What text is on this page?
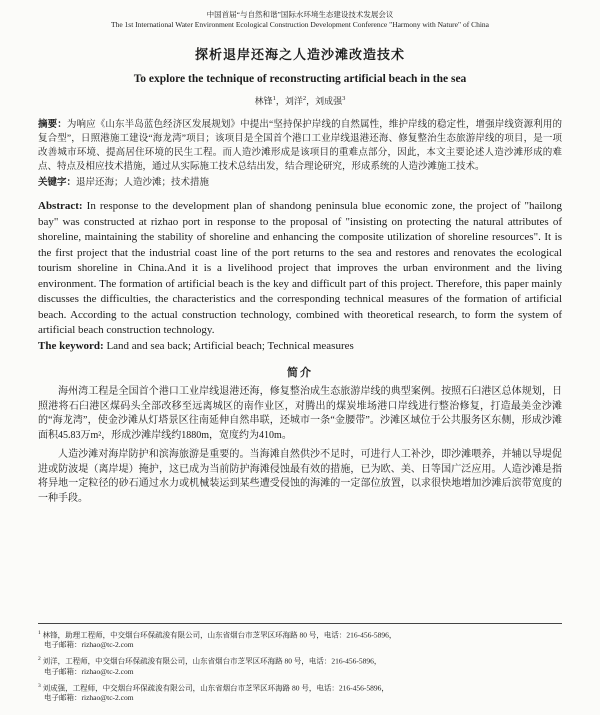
中国首届“与自然和谐”国际水环境生态建设技术发展会议
The 1st International Water Environment Ecological Construction Development Conference "Harmony with Nature" of China
探析退岸还海之人造沙滩改造技术
To explore the technique of reconstructing artificial beach in the sea
林锋$^1$，刘洋$^2$，刘成强$^3$
摘要：为响应《山东半岛蓝色经济区发展规划》中提出“坚持保护岸线的自然属性，维护岸线的稳定性，增强岸线资源利用的复合型”，日照港施工建设“海龙湾”项目；该项目是全国首个港口工业岸线退港还海、修复整治生态旅游岸线的项目，是一项改善城市环境、提高居住环境的民生工程。而人造沙滩形成是该项目的重难点部分，因此，本文主要论述人造沙滩形成的难点、特点及相应技术措施，通过从实际施工技术总结出发，结合理论研究，形成系统的人造沙滩施工技术。
关键字：退岸还海；人造沙滩；技术措施
Abstract: In response to the development plan of shandong peninsula blue economic zone, the project of "hailong bay" was constructed at rizhao port in response to the proposal of "insisting on protecting the natural attributes of shoreline, maintaining the stability of shoreline and enhancing the composite utilization of shoreline resources". It is the first project that the industrial coast line of the port returns to the sea and restores and renovates the ecological tourism shoreline in China.And it is a livelihood project that improves the urban environment and the living environment. The formation of artificial beach is the key and difficult part of this project. Therefore, this paper mainly discusses the difficulties, the characteristics and the corresponding technical measures of the formation of artificial beach. According to the actual construction technology, combined with theoretical research, to form the system of artificial beach construction technology.
The keyword: Land and sea back; Artificial beach; Technical measures
简介
海州湾工程是全国首个港口工业岸线退港还海，修复整治成生态旅游岸线的典型案例。按照石臼港区总体规划，日照港将石臼港区煤码头全部改移至远离城区的南作业区，对腾出的煤炭堆场港口岸线进行整治修复，打造最美金沙滩的“海龙湾”，使金沙滩从灯塔景区往南延伸自然串联，还城市一条“金腰带”。沙滩区域位于公共服务区东侧，形成沙滩面积45.83万m²，形成沙滩岸线约1880m，宽度约为410m。
人造沙滩对海岸防护和滨海旅游是重要的。当海滩自然供沙不足时，可进行人工补沙，即沙滩喂养，并辅以导堤促进或防波堤（离岸堤）掩护，这已成为当前防护海滩侵蚀最有效的措施，已为欧、美、日等国广泛应用。人造沙滩是指将异地一定粒径的砂石通过水力或机械装运到某些遭受侵蚀的海滩的一定部位放置，以求很快地增加沙滩后滨带宽度的一种手段。
$^1$ 林锋，助理工程师，中交烟台环保疏浚有限公司，山东省烟台市芝罘区环海路 80 号，电话：216-456-5896，
电子邮箱：rizhao@tc-2.com
$^2$ 刘洋，工程师，中交烟台环保疏浚有限公司，山东省烟台市芝罘区环海路 80 号，电话：216-456-5896，
电子邮箱：rizhao@tc-2.com
$^3$ 刘成强，工程师，中交烟台环保疏浚有限公司，山东省烟台市芝罘区环海路 80 号，电话：216-456-5896，
电子邮箱：rizhao@tc-2.com
